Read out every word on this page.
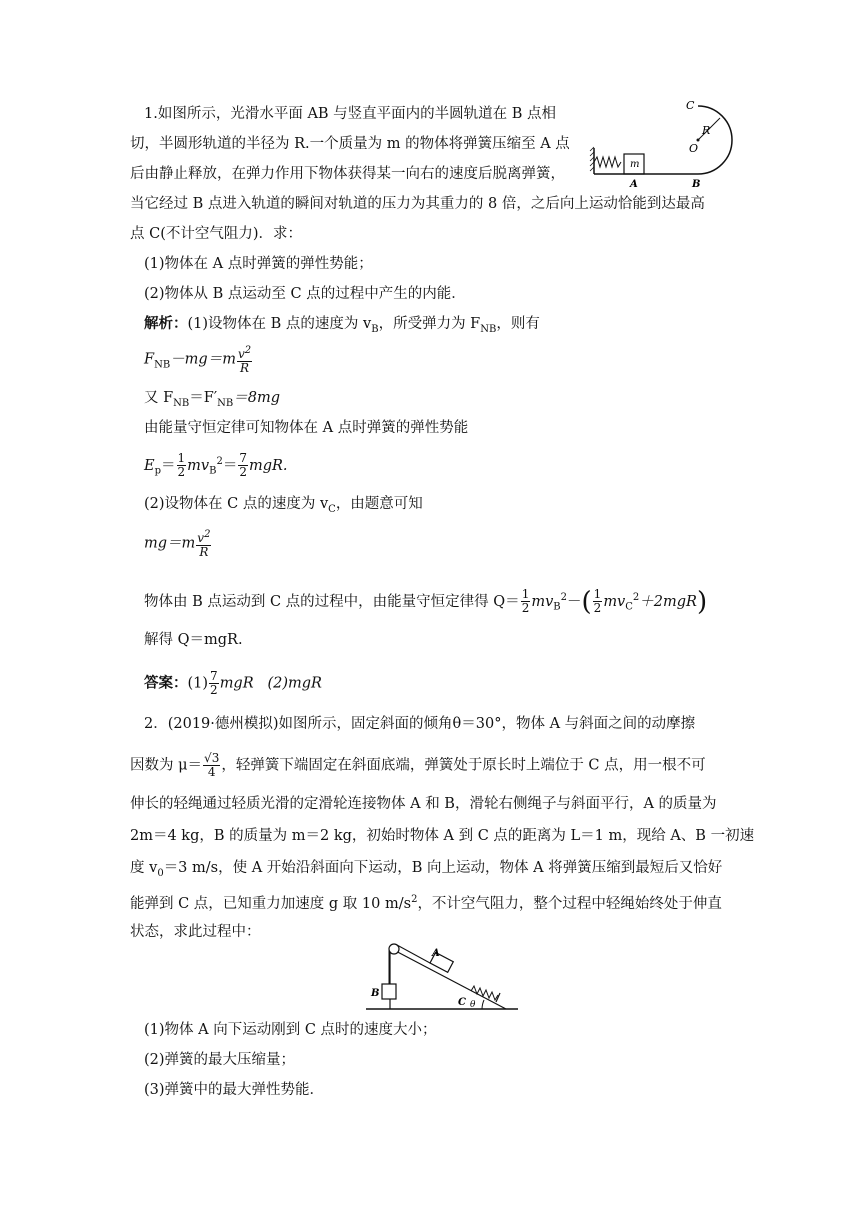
1.如图所示，光滑水平面 AB 与竖直平面内的半圆轨道在 B 点相
切，半圆形轨道的半径为 R.一个质量为 m 的物体将弹簧压缩至 A 点
后由静止释放，在弹力作用下物体获得某一向右的速度后脱离弹簧，
当它经过 B 点进入轨道的瞬间对轨道的压力为其重力的 8 倍，之后向上运动恰能到达最高
点 C(不计空气阻力)．求：
(1)物体在 A 点时弹簧的弹性势能；
(2)物体从 B 点运动至 C 点的过程中产生的内能．
C
R
O
m
A	B
解析：(1)设物体在 B 点的速度为 $v_B$，所受弹力为 $F_{NB}$，则有
$F_{NB}-mg=m \frac{v^2}{R}$
又 $F_{NB}=F'_{NB}=8mg$
由能量守恒定律可知物体在 A 点时弹簧的弹性势能
$E_p= \frac{1}{2} mv_B^2= \frac{7}{2}$ mgR.
(2)设物体在 C 点的速度为 $v_C$，由题意可知
$mg=m \frac{v^2}{R}$
物体由 B 点运动到 C 点的过程中，由能量守恒定律得 $Q= \frac{1}{2} mv_B^2-( \frac{1}{2} mv_C^2+2mgR)$
解得 Q＝mgR.
答案：$(1) \frac{7}{2}$ mgR (2)mgR
2．(2019·德州模拟)如图所示，固定斜面的倾角θ＝30°，物体 A 与斜面之间的动摩擦
因数为 $\mu= \frac{√3}{4}$ ，轻弹簧下端固定在斜面底端，弹簧处于原长时上端位于 C 点，用一根不可
伸长的轻绳通过轻质光滑的定滑轮连接物体 A 和 B，滑轮右侧绳子与斜面平行，A 的质量为
2m＝4 kg，B 的质量为 m＝2 kg，初始时物体 A 到 C 点的距离为 L＝1 m，现给 A、B 一初速
度 $v_0=3$ m/s，使 A 开始沿斜面向下运动，B 向上运动，物体 A 将弹簧压缩到最短后又恰好
能弹到 C 点，已知重力加速度 g 取 10 $m/s^2$，不计空气阻力，整个过程中轻绳始终处于伸直
状态，求此过程中：
A
B
C θ
(1)物体 A 向下运动刚到 C 点时的速度大小；
(2)弹簧的最大压缩量；
(3)弹簧中的最大弹性势能．
